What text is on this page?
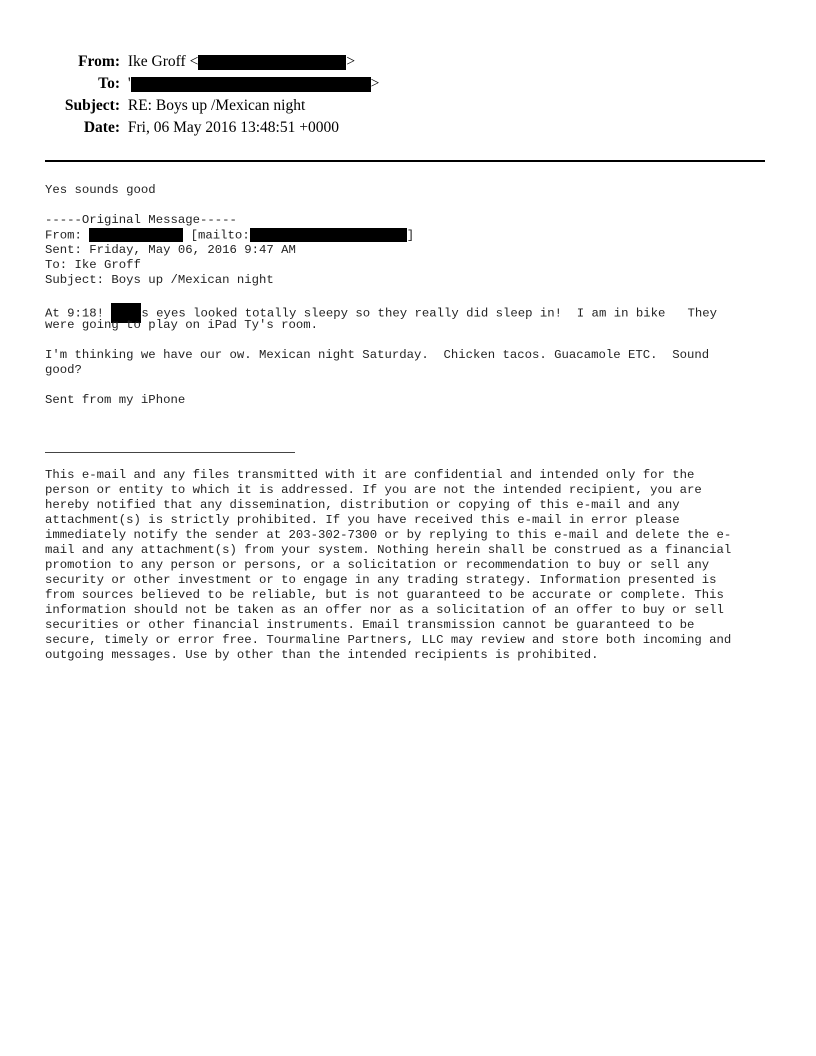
From: Ike Groff <	>
To: '	>
Subject: RE: Boys up /Mexican night
Date: Fri, 06 May 2016 13:48:51 +0000
Yes sounds good
-----Original Message-----
From:	[mailto:	]
Sent: Friday, May 06, 2016 9:47 AM
To: Ike Groff
Subject: Boys up /Mexican night
At 9:18! s eyes looked totally sleepy so they really did sleep in!  I am in bike   They
were going to play on iPad Ty's room.
I'm thinking we have our ow. Mexican night Saturday.  Chicken tacos. Guacamole ETC.  Sound
good?
Sent from my iPhone
This e-mail and any files transmitted with it are confidential and intended only for the
person or entity to which it is addressed. If you are not the intended recipient, you are
hereby notified that any dissemination, distribution or copying of this e-mail and any
attachment(s) is strictly prohibited. If you have received this e-mail in error please
immediately notify the sender at 203-302-7300 or by replying to this e-mail and delete the e-
mail and any attachment(s) from your system. Nothing herein shall be construed as a financial
promotion to any person or persons, or a solicitation or recommendation to buy or sell any
security or other investment or to engage in any trading strategy. Information presented is
from sources believed to be reliable, but is not guaranteed to be accurate or complete. This
information should not be taken as an offer nor as a solicitation of an offer to buy or sell
securities or other financial instruments. Email transmission cannot be guaranteed to be
secure, timely or error free. Tourmaline Partners, LLC may review and store both incoming and
outgoing messages. Use by other than the intended recipients is prohibited.
